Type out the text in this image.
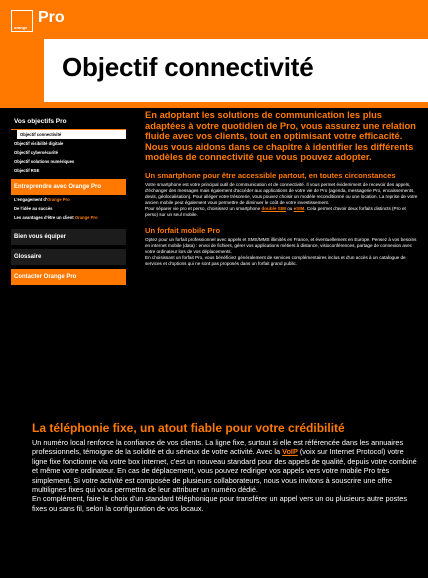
orange
Pro
Objectif connectivité
Vos objectifs Pro
Objectif connectivité
Objectif visibilité digitale
Objectif cybersécurité
Objectif solutions numériques
Objectif RSE
Entreprendre avec Orange Pro
L'engagement d'Orange Pro
De l'idée au succès
Les avantages d'être un client Orange Pro
Bien vous équiper
Glossaire
Contacter Orange Pro

En adoptant les solutions de communication les plus adaptées à votre quotidien de Pro, vous assurez une relation fluide avec vos clients, tout en optimisant votre efficacité. Nous vous aidons dans ce chapitre à identifier les différents modèles de connectivité que vous pouvez adopter.

Un smartphone pour être accessible partout, en toutes circonstances

Votre smartphone est votre principal outil de communication et de connectivité. Il vous permet évidemment de recevoir des appels, d'échanger des messages mais également d'accéder aux applications de votre vie de Pro (agenda, messagerie Pro, encaissements, devis, géolocalisation). Pour alléger votre trésorerie, vous pouvez choisir un modèle reconditionné ou une location. La reprise de votre ancien mobile peut également vous permettre de diminuer le coût de votre investissement.

Pour séparer vie pro et perso, choisissez un smartphone double SIM ou eSIM. Cela permet d'avoir deux forfaits distincts (Pro et perso) sur un seul mobile.

Un forfait mobile Pro

Optez pour un forfait professionnel avec appels et SMS/MMS illimités en France, et éventuellement en Europe. Pensez à vos besoins en internet mobile (data) : envoi de fichiers, gérer vos applications métiers à distance, visioconférences, partage de connexion avec votre ordinateur lors de vos déplacements.

En choisissant un forfait Pro, vous bénéficiez généralement de services complémentaires inclus et d'un accès à un catalogue de services et d'options qui ne sont pas proposés dans un forfait grand public.

La téléphonie fixe, un atout fiable pour votre crédibilité

Un numéro local renforce la confiance de vos clients. La ligne fixe, surtout si elle est référencée dans les annuaires professionnels, témoigne de la solidité et du sérieux de votre activité. Avec la VoIP (voix sur Internet Protocol) votre ligne fixe fonctionne via votre box internet, c'est un nouveau standard pour des appels de qualité, depuis votre combiné et même votre ordinateur. En cas de déplacement, vous pouvez rediriger vos appels vers votre mobile Pro très simplement. Si votre activité est composée de plusieurs collaborateurs, nous vous invitons à souscrire une offre multilignes fixes qui vous permettra de leur attribuer un numéro dédié.

En complément, faire le choix d'un standard téléphonique pour transférer un appel vers un ou plusieurs autre postes fixes ou sans fil, selon la configuration de vos locaux.
